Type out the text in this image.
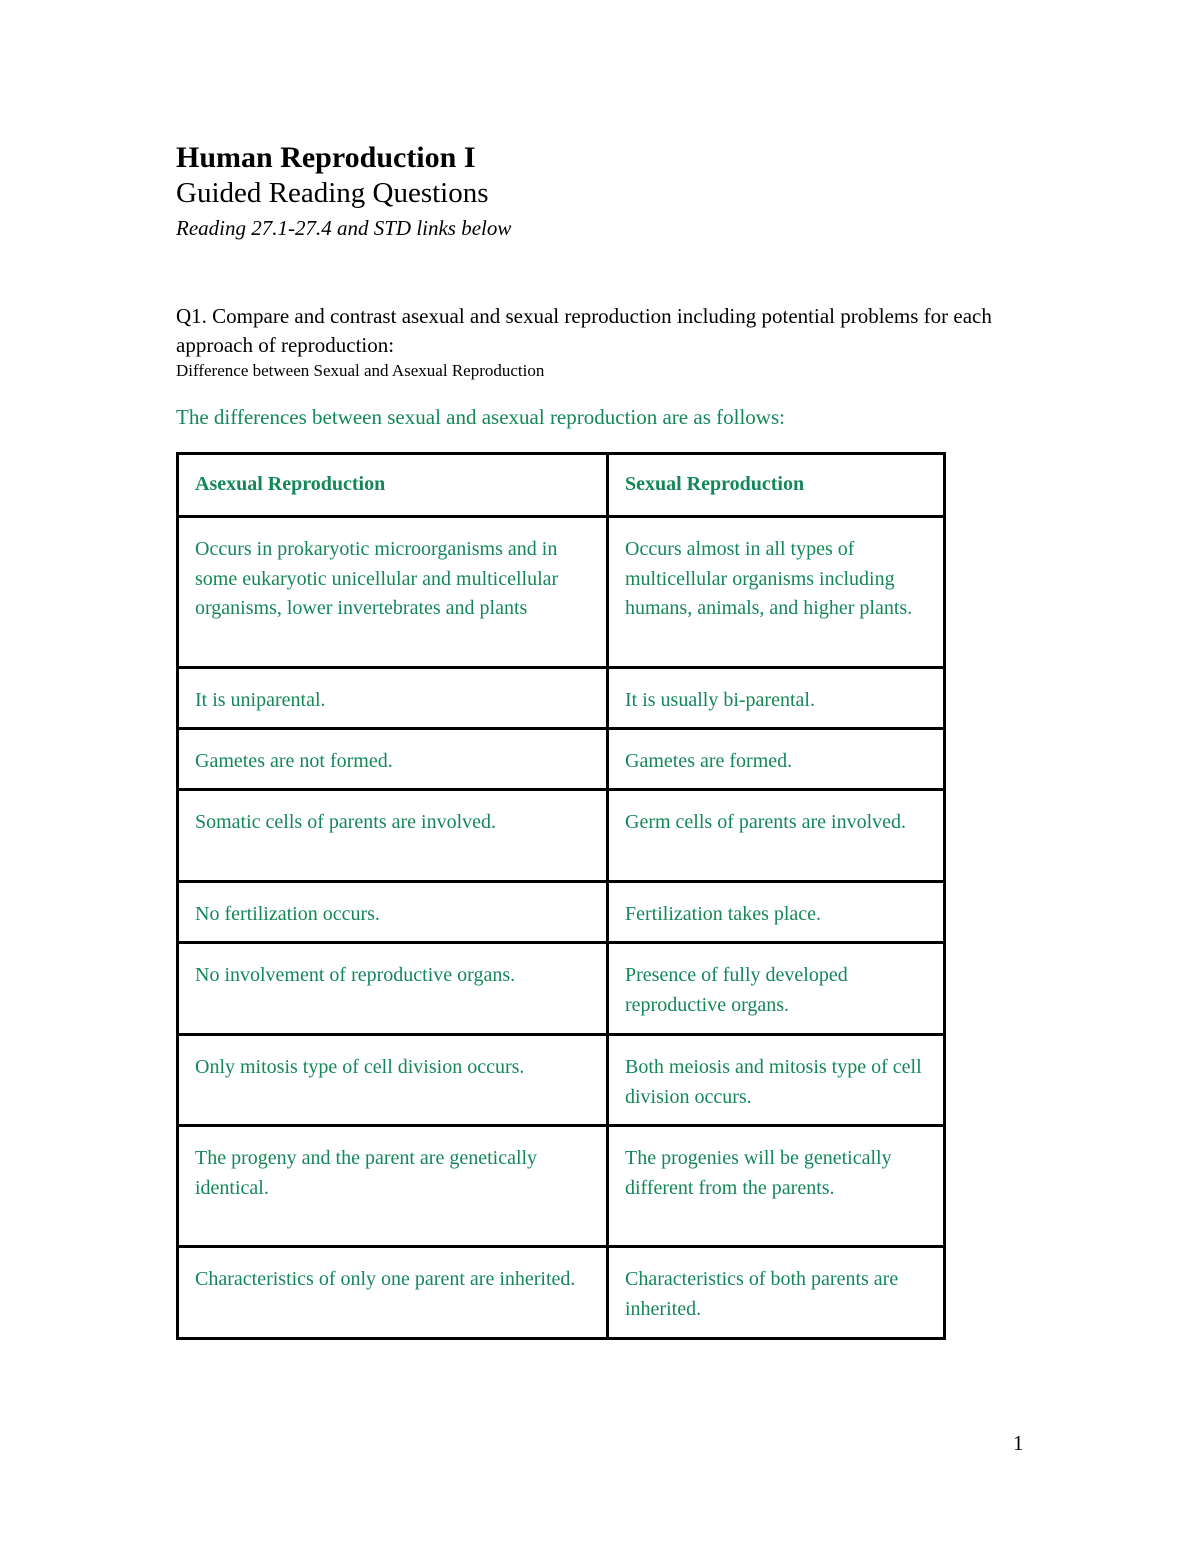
Human Reproduction I
Guided Reading Questions
Reading 27.1-27.4 and STD links below
Q1. Compare and contrast asexual and sexual reproduction including potential problems for each approach of reproduction:
Difference between Sexual and Asexual Reproduction
The differences between sexual and asexual reproduction are as follows:
Asexual Reproduction	Sexual Reproduction

Occurs in prokaryotic microorganisms and in some eukaryotic unicellular and multicellular organisms, lower invertebrates and plants	Occurs almost in all types of multicellular organisms including humans, animals, and higher plants.

It is uniparental.	It is usually bi-parental.

Gametes are not formed.	Gametes are formed.

Somatic cells of parents are involved.	Germ cells of parents are involved.

No fertilization occurs.	Fertilization takes place.

No involvement of reproductive organs.	Presence of fully developed reproductive organs.

Only mitosis type of cell division occurs.	Both meiosis and mitosis type of cell division occurs.

The progeny and the parent are genetically identical.	The progenies will be genetically different from the parents.

Characteristics of only one parent are inherited.	Characteristics of both parents are inherited.
1
